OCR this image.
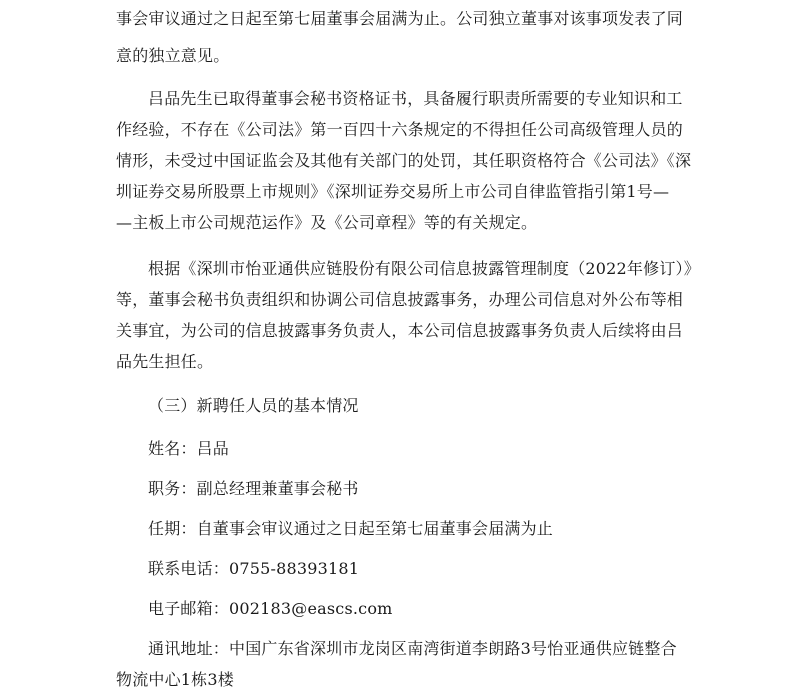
事会审议通过之日起至第七届董事会届满为止。公司独立董事对该事项发表了同
意的独立意见。
吕品先生已取得董事会秘书资格证书，具备履行职责所需要的专业知识和工
作经验，不存在《公司法》第一百四十六条规定的不得担任公司高级管理人员的
情形，未受过中国证监会及其他有关部门的处罚，其任职资格符合《公司法》《深
圳证券交易所股票上市规则》《深圳证券交易所上市公司自律监管指引第1号—
—主板上市公司规范运作》及《公司章程》等的有关规定。
根据《深圳市怡亚通供应链股份有限公司信息披露管理制度（2022年修订）》
等，董事会秘书负责组织和协调公司信息披露事务，办理公司信息对外公布等相
关事宜，为公司的信息披露事务负责人，本公司信息披露事务负责人后续将由吕
品先生担任。
（三）新聘任人员的基本情况
姓名：吕品
职务：副总经理兼董事会秘书
任期：自董事会审议通过之日起至第七届董事会届满为止
联系电话：0755-88393181
电子邮箱：002183@eascs.com
通讯地址：中国广东省深圳市龙岗区南湾街道李朗路3号怡亚通供应链整合
物流中心1栋3楼
